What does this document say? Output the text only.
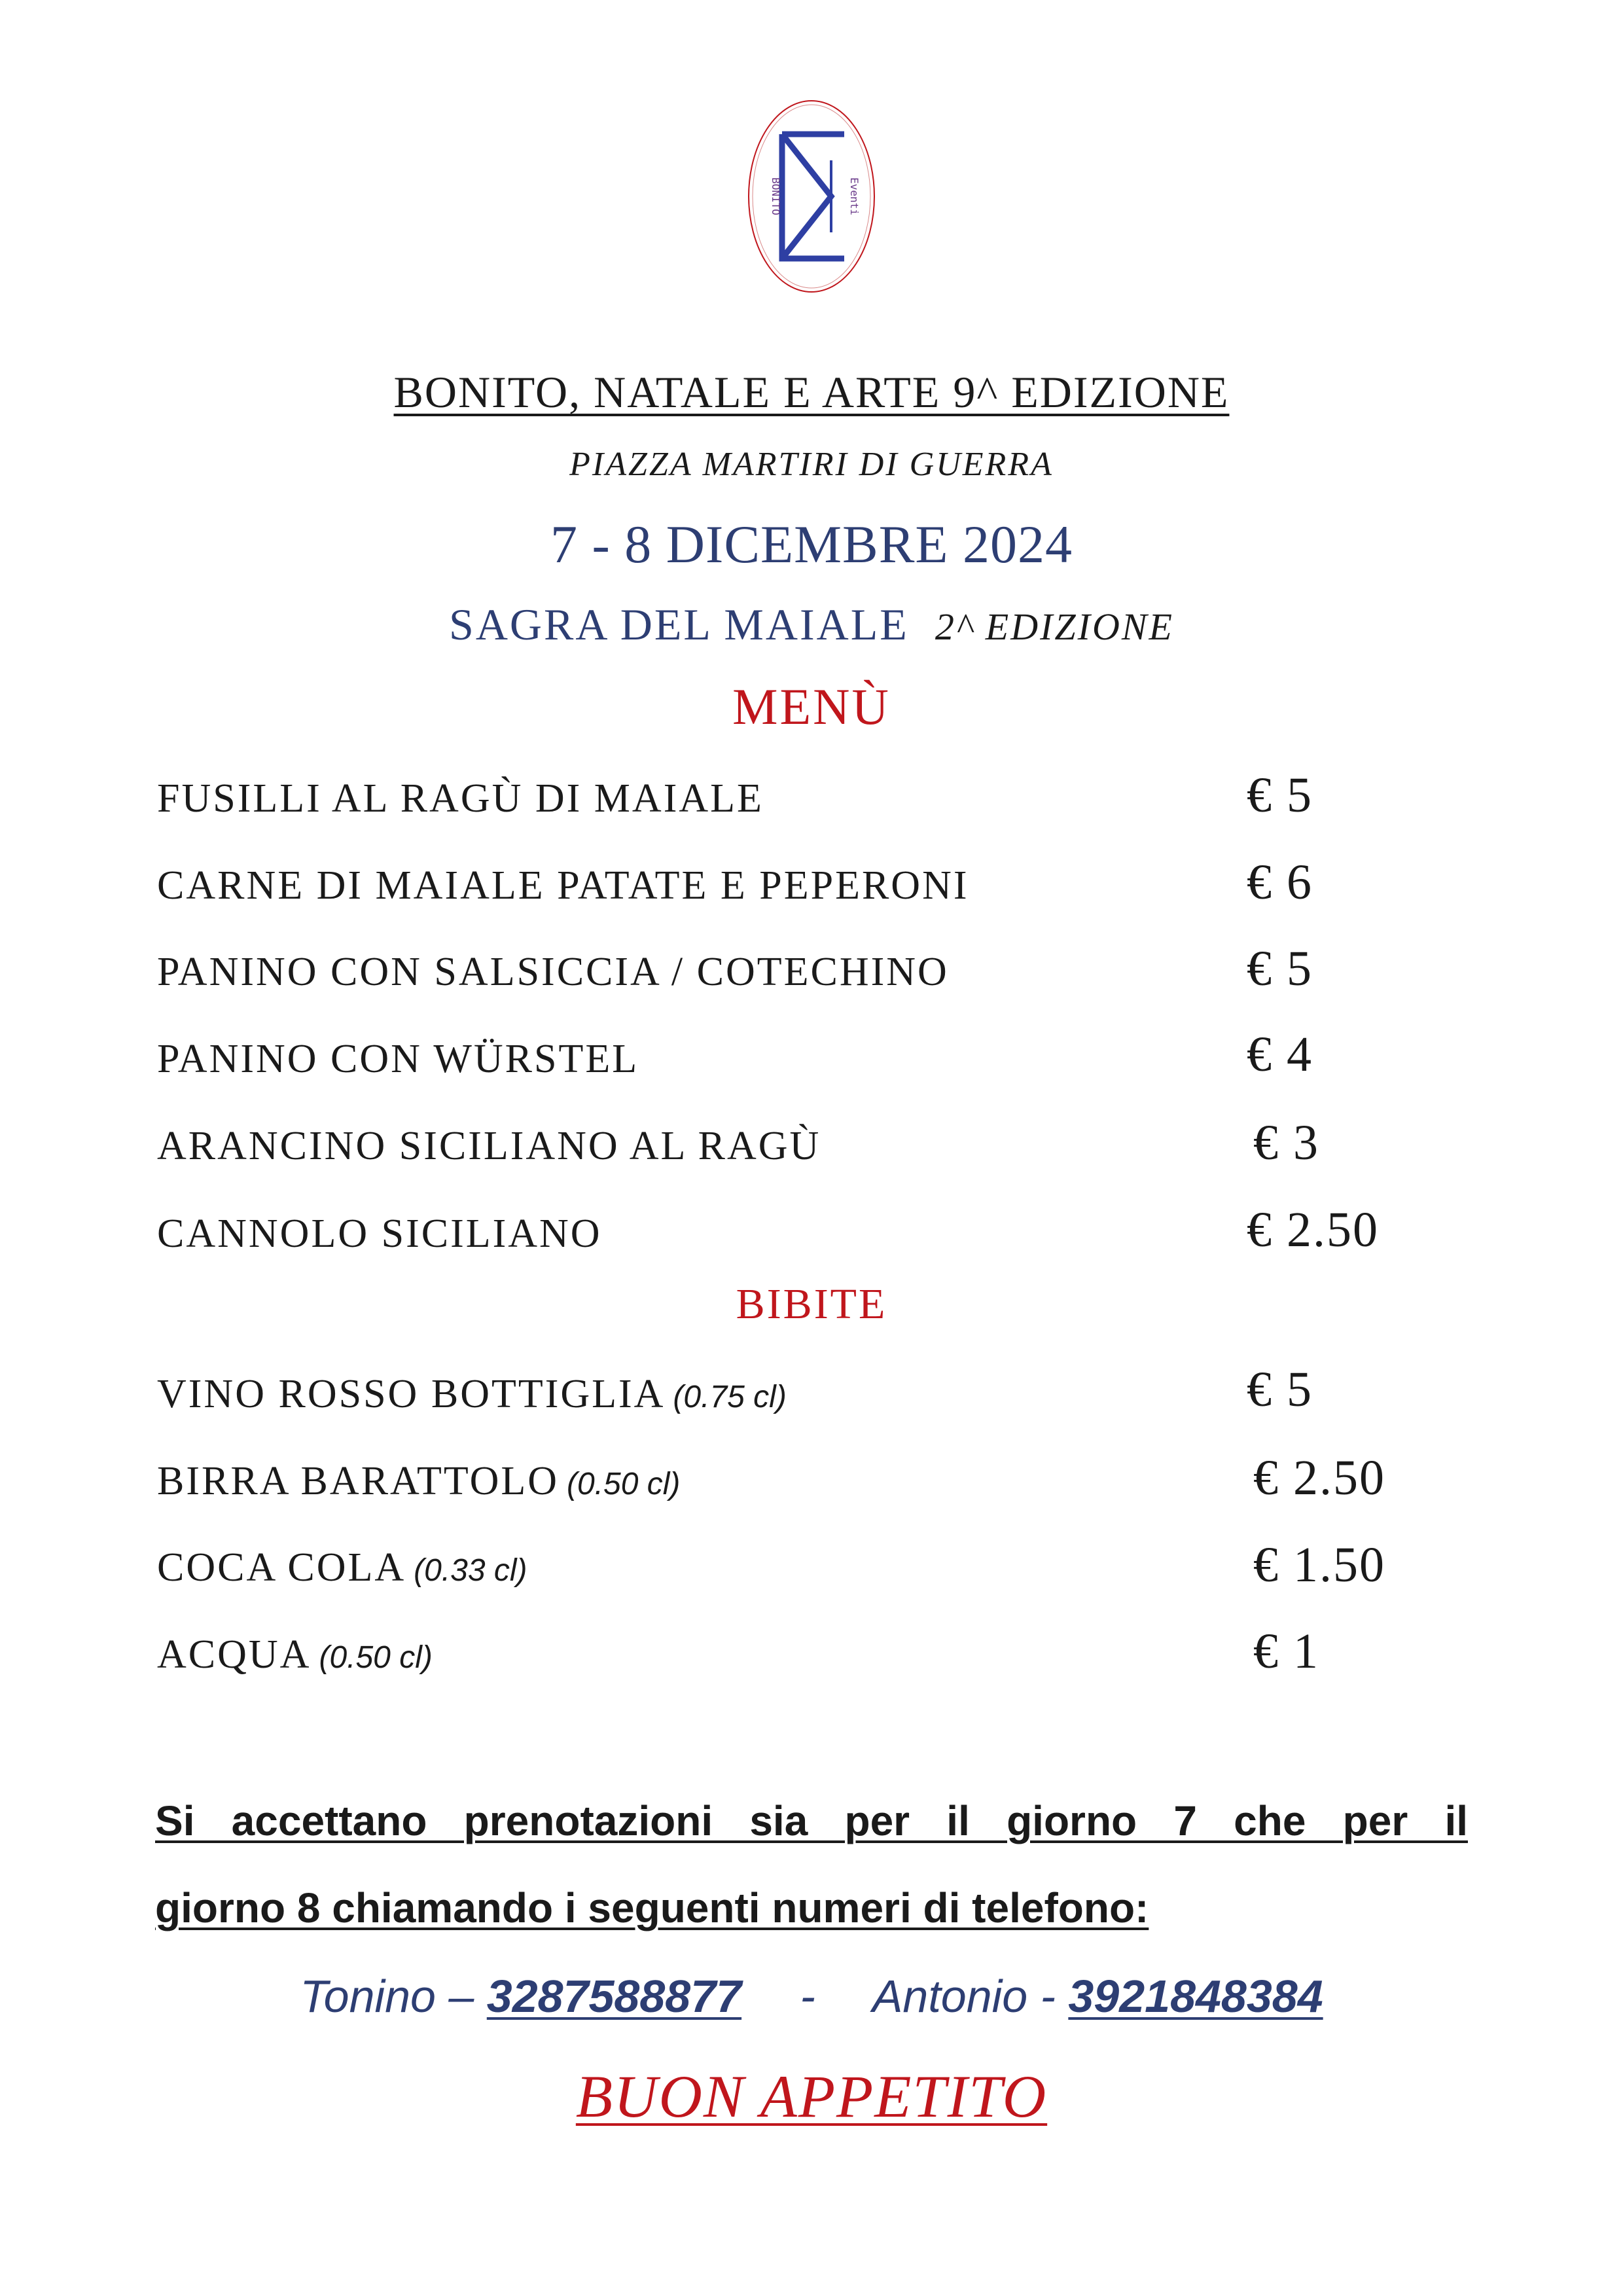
BONITO	Eventi
BONITO, NATALE E ARTE 9^ EDIZIONE
PIAZZA MARTIRI DI GUERRA
7 - 8 DICEMBRE 2024
SAGRA DEL MAIALE 2^ EDIZIONE
MENÙ
FUSILLI AL RAGÙ DI MAIALE	€ 5
CARNE DI MAIALE PATATE E PEPERONI	€ 6
PANINO CON SALSICCIA / COTECHINO	€ 5
PANINO CON WÜRSTEL	€ 4
ARANCINO SICILIANO AL RAGÙ	€ 3
CANNOLO SICILIANO	€ 2.50
BIBITE
VINO ROSSO BOTTIGLIA (0.75 cl)	€ 5
BIRRA BARATTOLO (0.50 cl)	€ 2.50
COCA COLA (0.33 cl)	€ 1.50
ACQUA (0.50 cl)	€ 1
Si accettano prenotazioni sia per il giorno 7 che per il
giorno 8 chiamando i seguenti numeri di telefono:
Tonino – 3287588877 - Antonio - 3921848384
BUON APPETITO
